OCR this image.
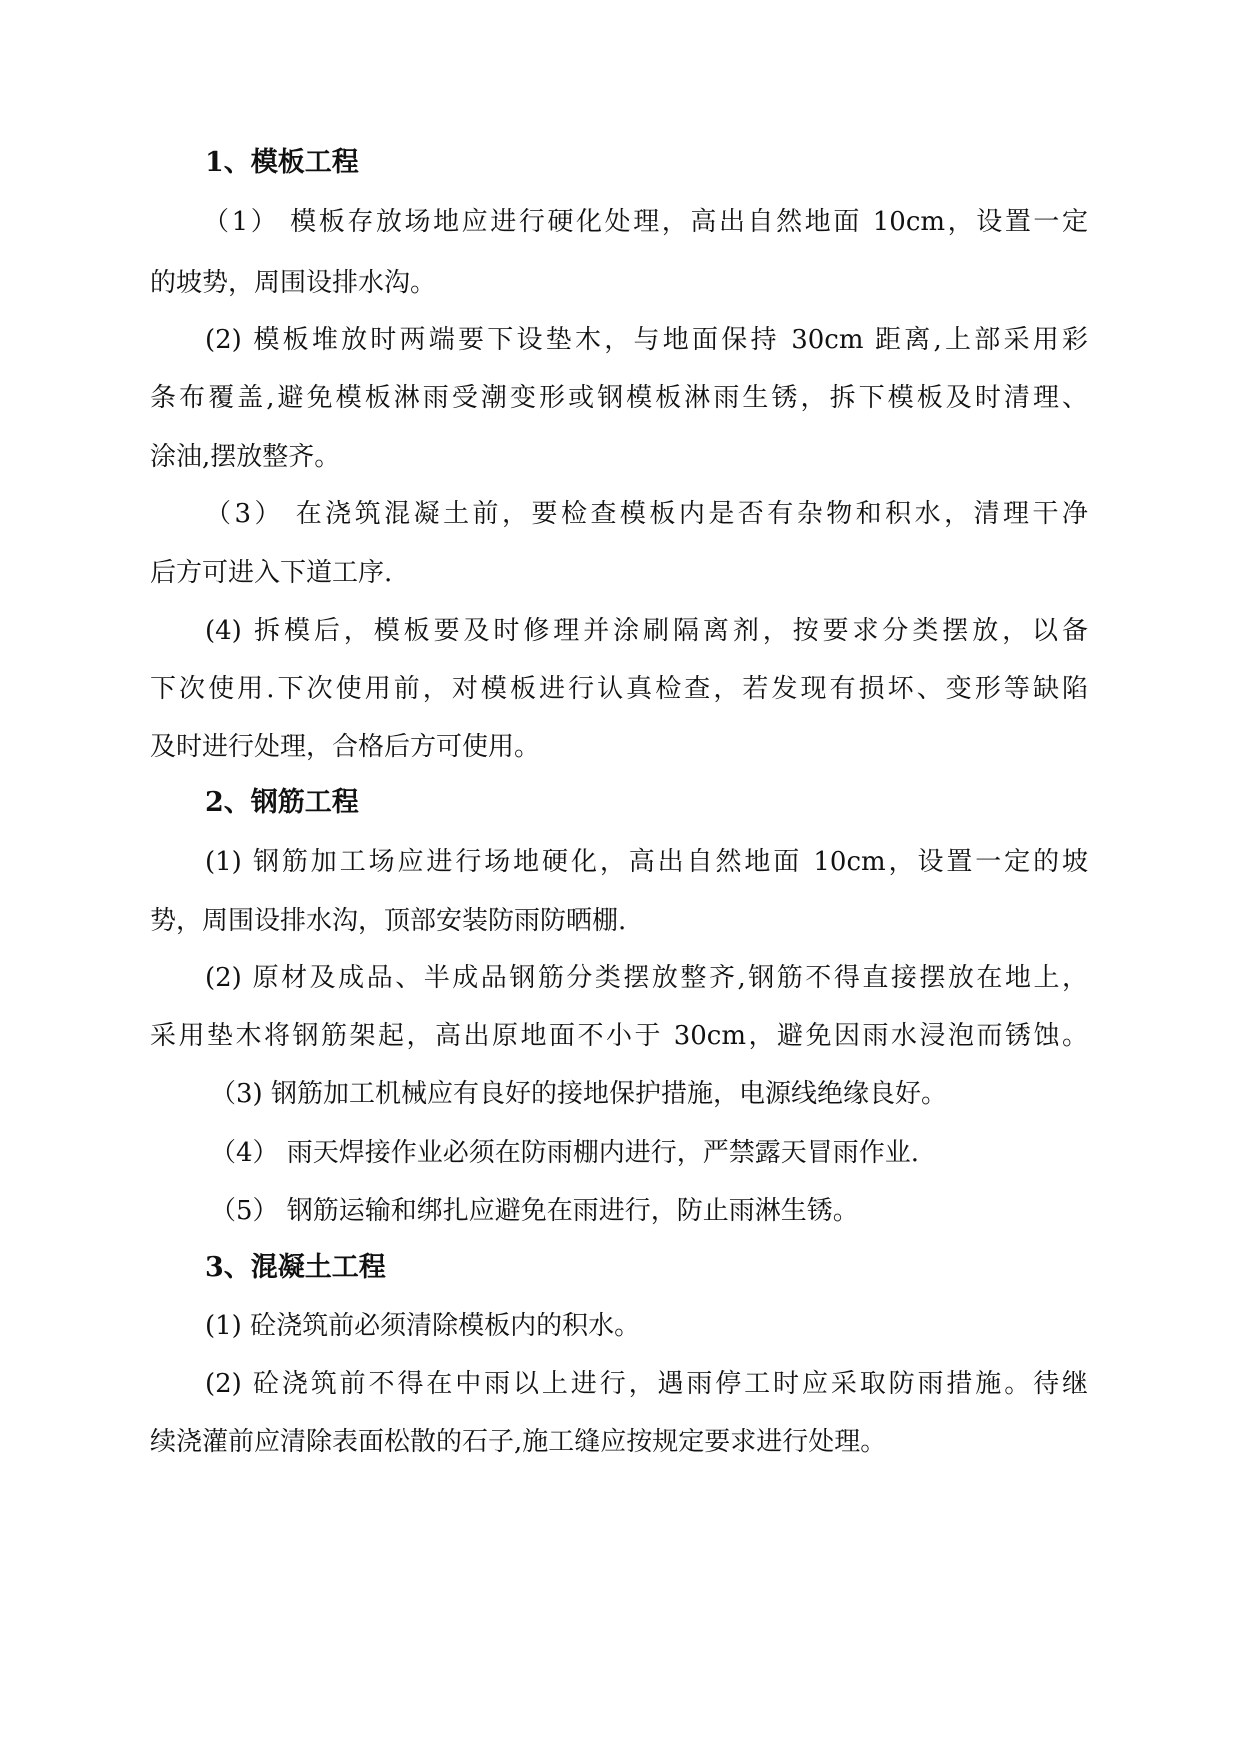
1、模板工程
（1） 模板存放场地应进行硬化处理，高出自然地面 10cm，设置一定
的坡势，周围设排水沟。
(2) 模板堆放时两端要下设垫木，与地面保持 30cm 距离,上部采用彩
条布覆盖,避免模板淋雨受潮变形或钢模板淋雨生锈，拆下模板及时清理、
涂油,摆放整齐。
（3） 在浇筑混凝土前，要检查模板内是否有杂物和积水，清理干净
后方可进入下道工序.
(4) 拆模后，模板要及时修理并涂刷隔离剂，按要求分类摆放，以备
下次使用.下次使用前，对模板进行认真检查，若发现有损坏、变形等缺陷
及时进行处理，合格后方可使用。
2、钢筋工程
(1) 钢筋加工场应进行场地硬化，高出自然地面 10cm，设置一定的坡
势，周围设排水沟，顶部安装防雨防晒棚.
(2) 原材及成品、半成品钢筋分类摆放整齐,钢筋不得直接摆放在地上，
采用垫木将钢筋架起，高出原地面不小于 30cm，避免因雨水浸泡而锈蚀。
（3) 钢筋加工机械应有良好的接地保护措施，电源线绝缘良好。
（4） 雨天焊接作业必须在防雨棚内进行，严禁露天冒雨作业.
（5） 钢筋运输和绑扎应避免在雨进行，防止雨淋生锈。
3、混凝土工程
(1) 砼浇筑前必须清除模板内的积水。
(2) 砼浇筑前不得在中雨以上进行，遇雨停工时应采取防雨措施。待继
续浇灌前应清除表面松散的石子,施工缝应按规定要求进行处理。
